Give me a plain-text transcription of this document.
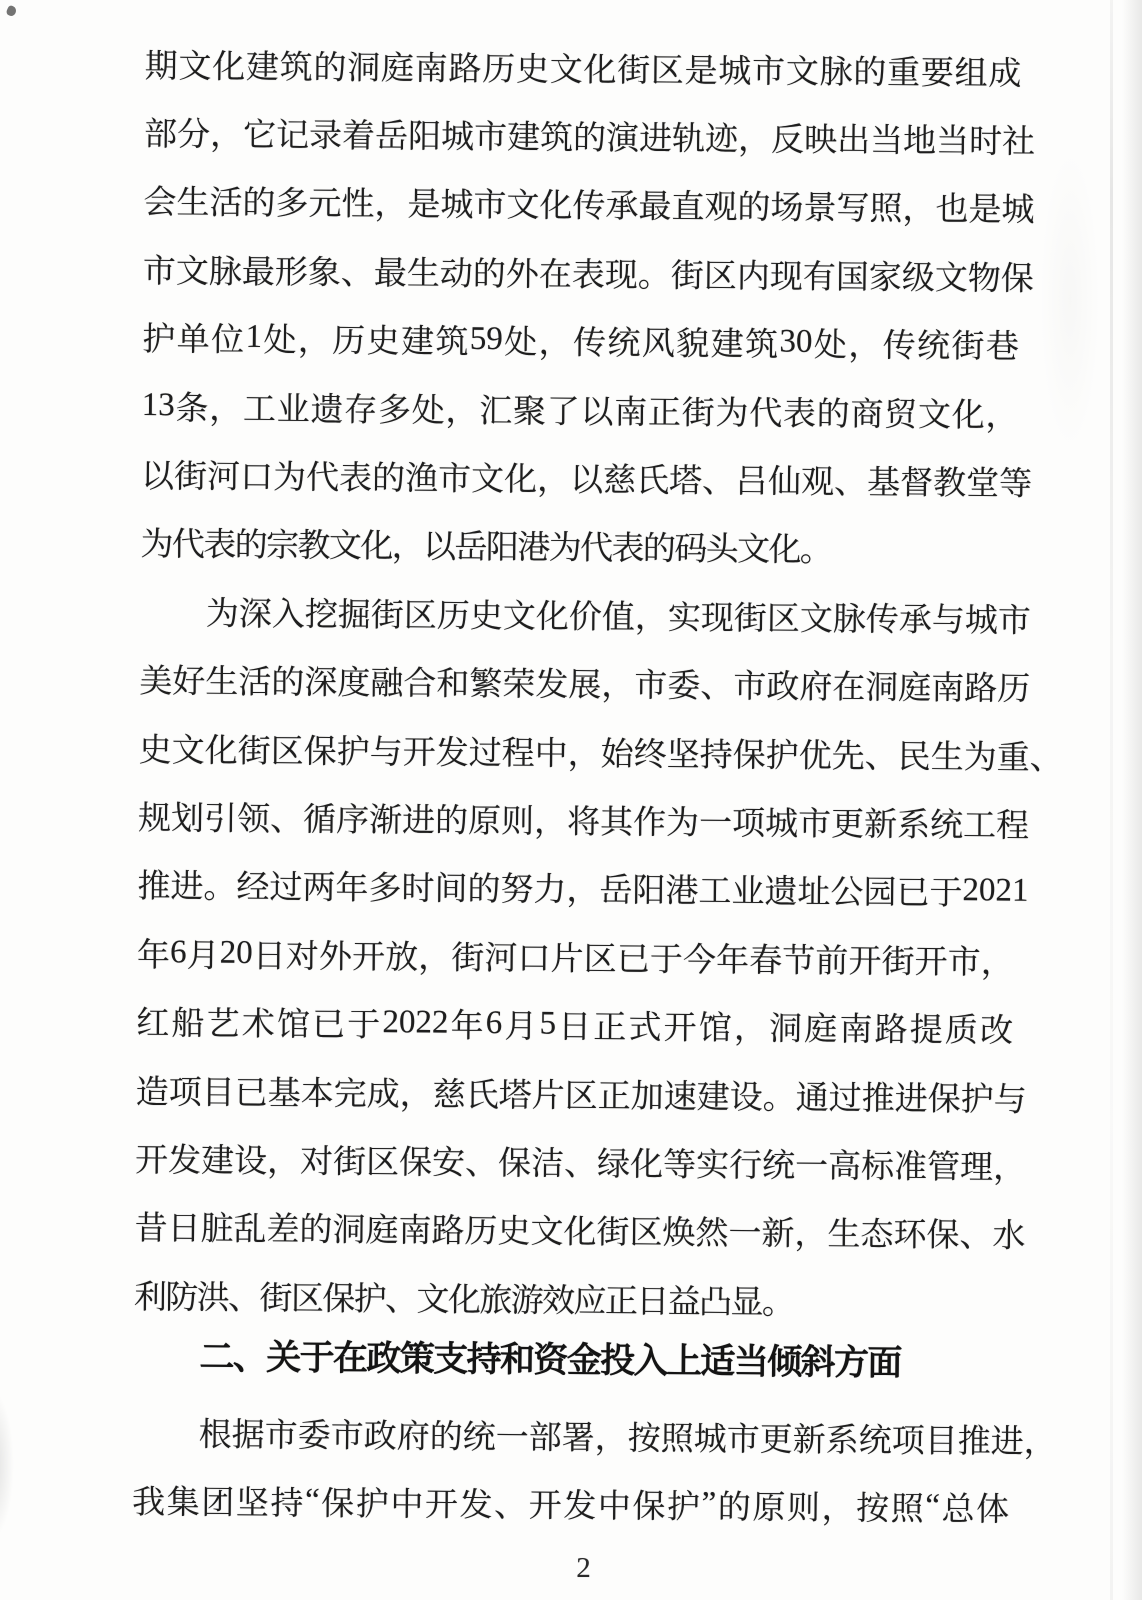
期 文 化 建 筑 的 洞 庭 南 路 历 史 文 化 街 区 是 城 市 文 脉 的 重 要 组 成
部 分 ， 它 记 录 着 岳 阳 城 市 建 筑 的 演 进 轨 迹 ， 反 映 出 当 地 当 时 社
会 生 活 的 多 元 性 ， 是 城 市 文 化 传 承 最 直 观 的 场 景 写 照 ， 也 是 城
市 文 脉 最 形 象 、 最 生 动 的 外 在 表 现 。 街 区 内 现 有 国 家 级 文 物 保
护 单 位 1 处 ， 历 史 建 筑 59 处 ， 传 统 风 貌 建 筑 30 处 ， 传 统 街 巷
13 条 ， 工 业 遗 存 多 处 ， 汇 聚 了 以 南 正 街 为 代 表 的 商 贸 文 化 ，
以 街 河 口 为 代 表 的 渔 市 文 化 ， 以 慈 氏 塔 、 吕 仙 观 、 基 督 教 堂 等
为代表的宗教文化，以岳阳港为代表的码头文化。
为 深 入 挖 掘 街 区 历 史 文 化 价 值 ， 实 现 街 区 文 脉 传 承 与 城 市
美 好 生 活 的 深 度 融 合 和 繁 荣 发 展 ， 市 委 、 市 政 府 在 洞 庭 南 路 历
史 文 化 街 区 保 护 与 开 发 过 程 中 ， 始 终 坚 持 保 护 优 先 、 民 生 为 重 、
规 划 引 领 、 循 序 渐 进 的 原 则 ， 将 其 作 为 一 项 城 市 更 新 系 统 工 程
推 进 。 经 过 两 年 多 时 间 的 努 力 ， 岳 阳 港 工 业 遗 址 公 园 已 于 2021
年 6 月 20 日 对 外 开 放 ， 街 河 口 片 区 已 于 今 年 春 节 前 开 街 开 市 ，
红 船 艺 术 馆 已 于 2022 年 6 月 5 日 正 式 开 馆 ， 洞 庭 南 路 提 质 改
造 项 目 已 基 本 完 成 ， 慈 氏 塔 片 区 正 加 速 建 设 。 通 过 推 进 保 护 与
开 发 建 设 ， 对 街 区 保 安 、 保 洁 、 绿 化 等 实 行 统 一 高 标 准 管 理 ，
昔 日 脏 乱 差 的 洞 庭 南 路 历 史 文 化 街 区 焕 然 一 新 ， 生 态 环 保 、 水
利防洪、街区保护、文化旅游效应正日益凸显。
二、关于在政策支持和资金投入上适当倾斜方面
根 据 市 委 市 政 府 的 统 一 部 署 ， 按 照 城 市 更 新 系 统 项 目 推 进 ，
我 集 团 坚 持 “ 保 护 中 开 发 、 开 发 中 保 护 ” 的 原 则 ， 按 照 “ 总 体
2
